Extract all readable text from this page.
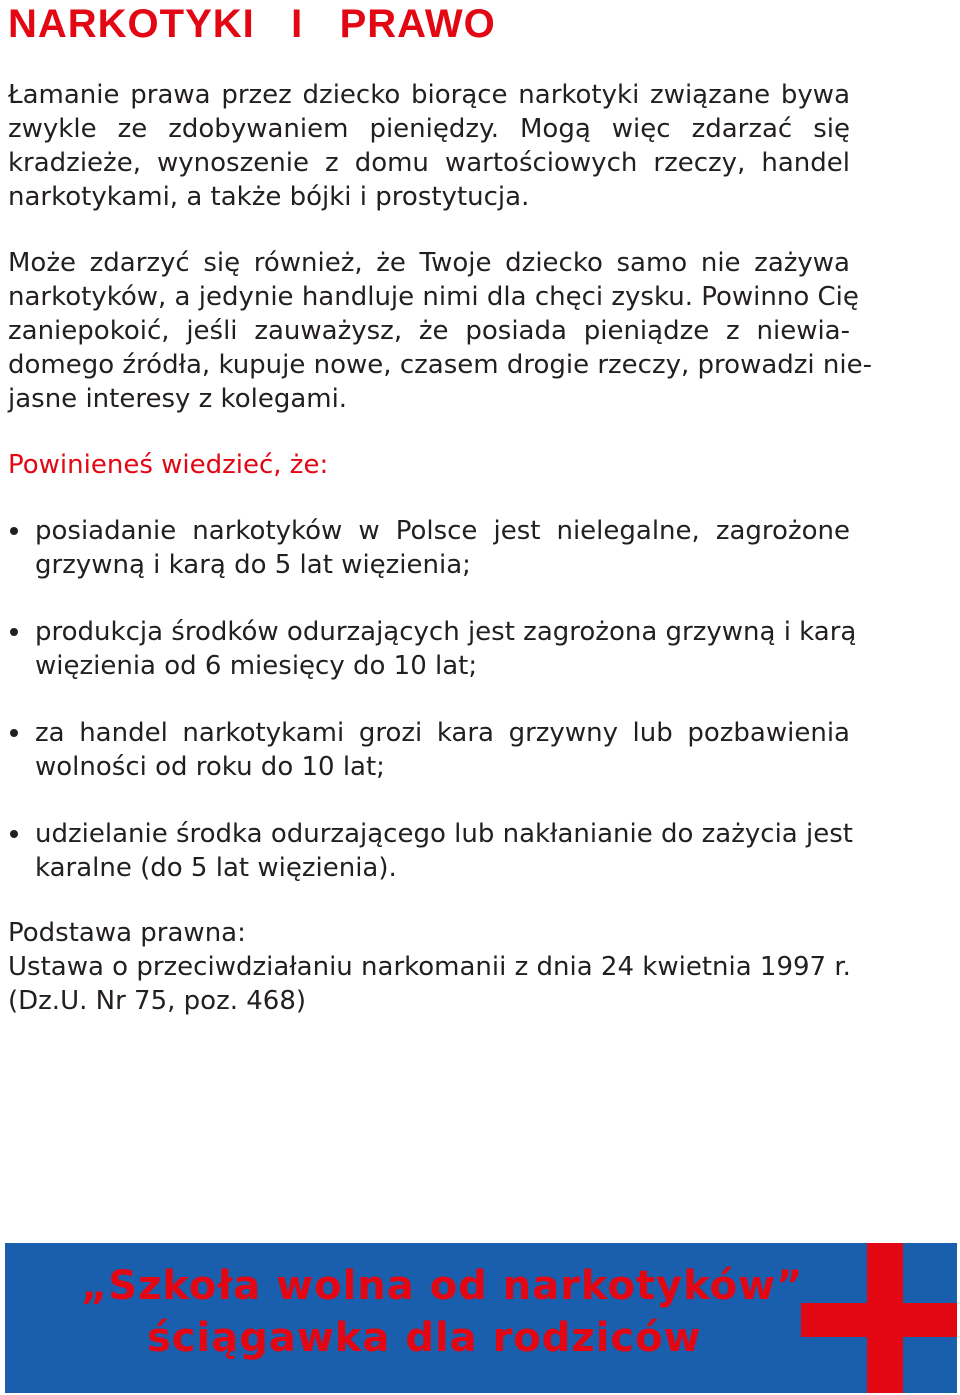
NARKOTYKI   I   PRAWO
Łamanie prawa przez dziecko biorące narkotyki związane bywa
zwykle ze zdobywaniem pieniędzy. Mogą więc zdarzać się
kradzieże, wynoszenie z domu wartościowych rzeczy, handel
narkotykami, a także bójki i prostytucja.
Może zdarzyć się również, że Twoje dziecko samo nie zażywa
narkotyków, a jedynie handluje nimi dla chęci zysku. Powinno Cię
zaniepokoić, jeśli zauważysz, że posiada pieniądze z niewia-
domego źródła, kupuje nowe, czasem drogie rzeczy, prowadzi nie-
jasne interesy z kolegami.
Powinieneś wiedzieć, że:
posiadanie narkotyków w Polsce jest nielegalne, zagrożone
grzywną i karą do 5 lat więzienia;
produkcja środków odurzających jest zagrożona grzywną i karą
więzienia od 6 miesięcy do 10 lat;
za handel narkotykami grozi kara grzywny lub pozbawienia
wolności od roku do 10 lat;
udzielanie środka odurzającego lub nakłanianie do zażycia jest
karalne (do 5 lat więzienia).
Podstawa prawna:
Ustawa o przeciwdziałaniu narkomanii z dnia 24 kwietnia 1997 r.
(Dz.U. Nr 75, poz. 468)
„Szkoła wolna od narkotyków”
ściągawka dla rodziców
